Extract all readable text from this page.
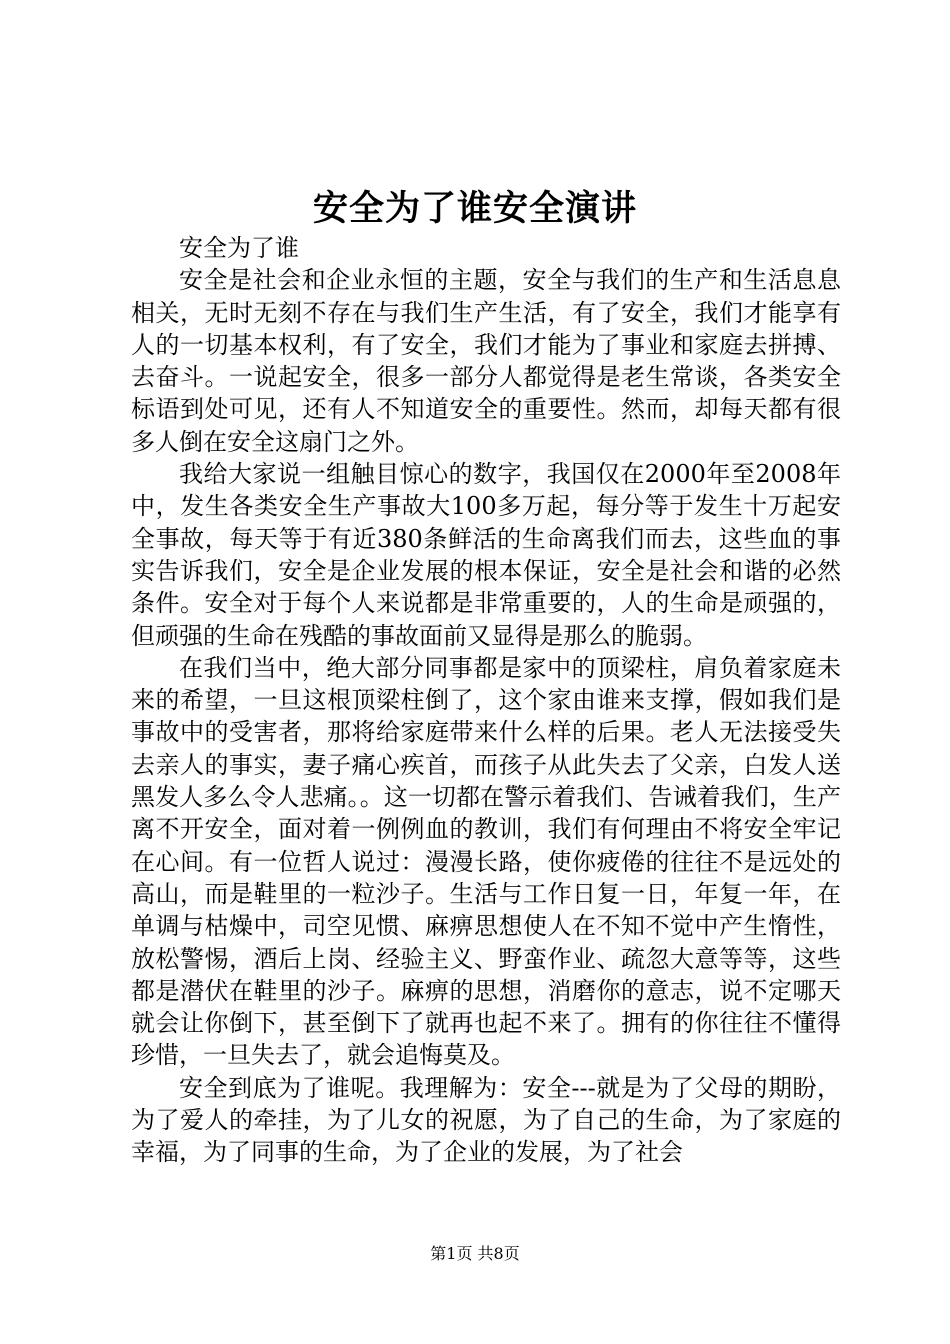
安全为了谁安全演讲

安全为了谁

安全是社会和企业永恒的主题，安全与我们的生产和生活息息相关，无时无刻不存在与我们生产生活，有了安全，我们才能享有人的一切基本权利，有了安全，我们才能为了事业和家庭去拼搏、去奋斗。一说起安全，很多一部分人都觉得是老生常谈，各类安全标语到处可见，还有人不知道安全的重要性。然而，却每天都有很多人倒在安全这扇门之外。

我给大家说一组触目惊心的数字，我国仅在2000年至2008年中，发生各类安全生产事故大100多万起，每分等于发生十万起安全事故，每天等于有近380条鲜活的生命离我们而去，这些血的事实告诉我们，安全是企业发展的根本保证，安全是社会和谐的必然条件。安全对于每个人来说都是非常重要的，人的生命是顽强的，但顽强的生命在残酷的事故面前又显得是那么的脆弱。

在我们当中，绝大部分同事都是家中的顶梁柱，肩负着家庭未来的希望，一旦这根顶梁柱倒了，这个家由谁来支撑，假如我们是事故中的受害者，那将给家庭带来什么样的后果。老人无法接受失去亲人的事实，妻子痛心疾首，而孩子从此失去了父亲，白发人送黑发人多么令人悲痛。。这一切都在警示着我们、告诫着我们，生产离不开安全，面对着一例例血的教训，我们有何理由不将安全牢记在心间。有一位哲人说过：漫漫长路，使你疲倦的往往不是远处的高山，而是鞋里的一粒沙子。生活与工作日复一日，年复一年，在单调与枯燥中，司空见惯、麻痹思想使人在不知不觉中产生惰性，放松警惕，酒后上岗、经验主义、野蛮作业、疏忽大意等等，这些都是潜伏在鞋里的沙子。麻痹的思想，消磨你的意志，说不定哪天就会让你倒下，甚至倒下了就再也起不来了。拥有的你往往不懂得珍惜，一旦失去了，就会追悔莫及。

安全到底为了谁呢。我理解为：安全---就是为了父母的期盼，为了爱人的牵挂，为了儿女的祝愿，为了自己的生命，为了家庭的幸福，为了同事的生命，为了企业的发展，为了社会

第1页 共8页
